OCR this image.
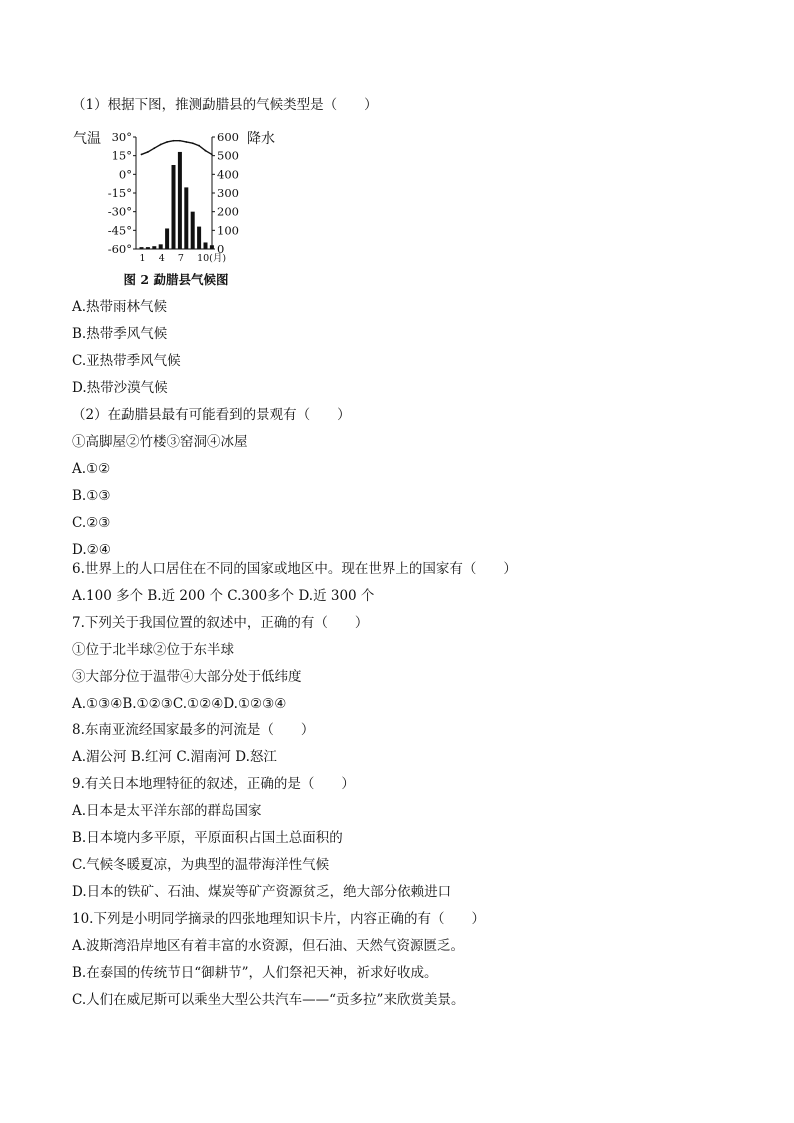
（1）根据下图，推测勐腊县的气候类型是（　　）

气温	降水
30°
15°
0°
-15°
-30°
-45°
-60°
600
500
400
300
200
100
0
1 4 7 10(月)
图 2 勐腊县气候图

A.热带雨林气候

B.热带季风气候

C.亚热带季风气候

D.热带沙漠气候

（2）在勐腊县最有可能看到的景观有（　　）

①高脚屋②竹楼③窑洞④冰屋

A.①②

B.①③

C.②③

D.②④

6.世界上的人口居住在不同的国家或地区中。现在世界上的国家有（　　）

A.100 多个 B.近 200 个 C.300多个 D.近 300 个

7.下列关于我国位置的叙述中，正确的有（　　）

①位于北半球②位于东半球

③大部分位于温带④大部分处于低纬度

A.①③④B.①②③C.①②④D.①②③④

8.东南亚流经国家最多的河流是（　　）

A.湄公河 B.红河 C.湄南河 D.怒江

9.有关日本地理特征的叙述，正确的是（　　）

A.日本是太平洋东部的群岛国家

B.日本境内多平原，平原面积占国土总面积的

C.气候冬暖夏凉，为典型的温带海洋性气候

D.日本的铁矿、石油、煤炭等矿产资源贫乏，绝大部分依赖进口

10.下列是小明同学摘录的四张地理知识卡片，内容正确的有（　　）

A.波斯湾沿岸地区有着丰富的水资源，但石油、天然气资源匮乏。

B.在泰国的传统节日“御耕节”，人们祭祀天神，祈求好收成。

C.人们在威尼斯可以乘坐大型公共汽车——“贡多拉”来欣赏美景。
